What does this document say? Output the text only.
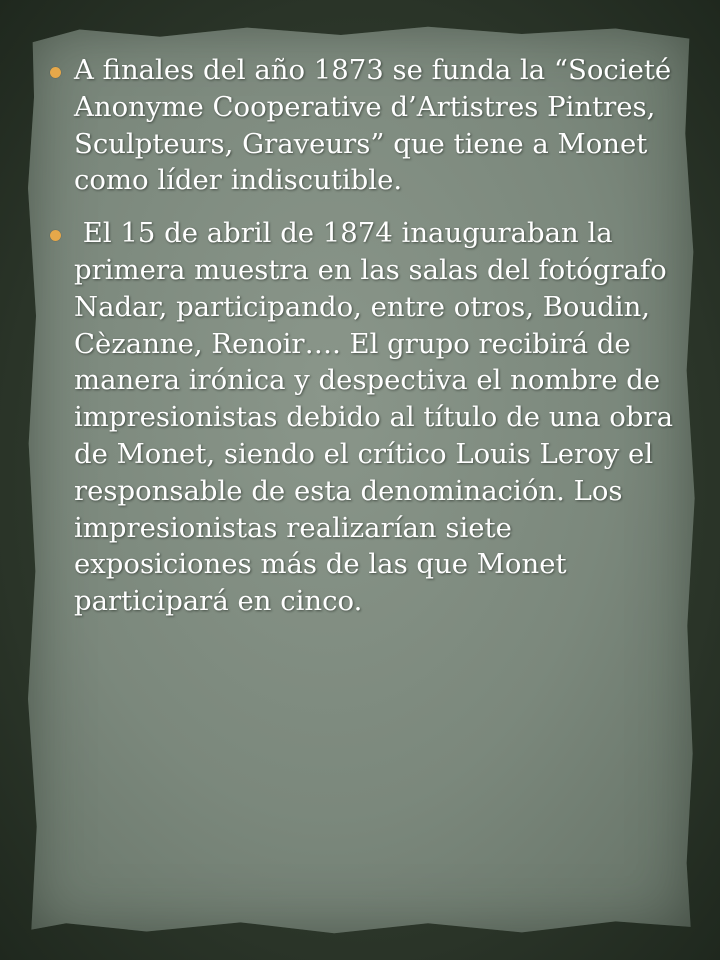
A finales del año 1873 se funda la “Societé Anonyme Cooperative d’Artistres Pintres, Sculpteurs, Graveurs” que tiene a Monet como líder indiscutible.
El 15 de abril de 1874 inauguraban la primera muestra en las salas del fotógrafo Nadar, participando, entre otros, Boudin, Cèzanne, Renoir…. El grupo recibirá de manera irónica y despectiva el nombre de impresionistas debido al título de una obra de Monet, siendo el crítico Louis Leroy el responsable de esta denominación. Los impresionistas realizarían siete exposiciones más de las que Monet participará en cinco.
